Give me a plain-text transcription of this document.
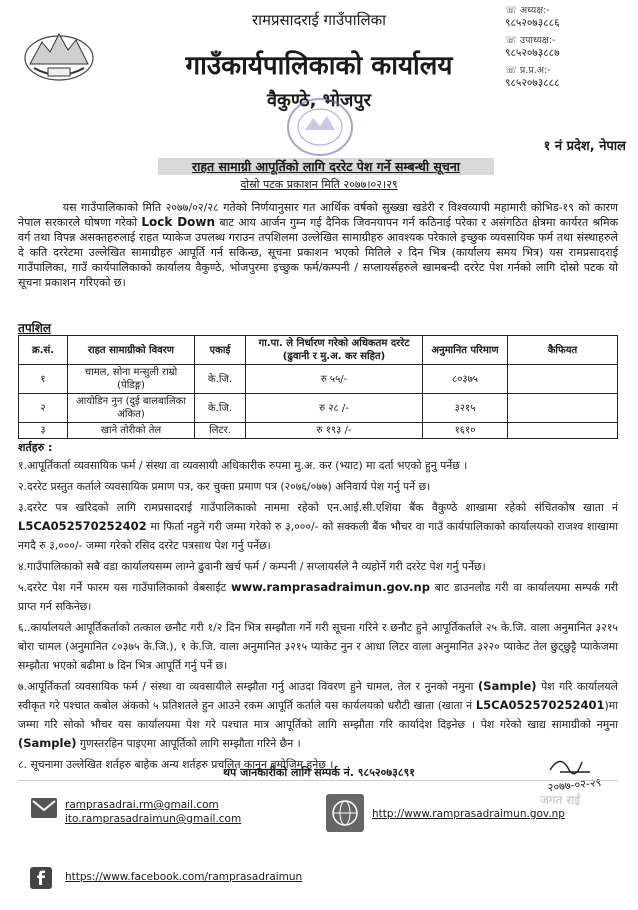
रामप्रसादराई गाउँपालिका
गाउँकार्यपालिकाको कार्यालय
वैकुण्ठे, भोजपुर
☏ अध्यक्ष:-
९८५२०७३८८६
☏ उपाध्यक्ष:-
९८५२०७३८८७
☏ प्र.प्र.अ:-
९८५२०७३८८८
१ नं प्रदेश, नेपाल
राहत सामाग्री आपूर्तिको लागि दररेट पेश गर्ने सम्बन्धी सूचना
दोस्रो पटक प्रकाशन मिति २०७७।०२।२९
यस गाउँपालिकाको मिति २०७७/०२/२८ गतेको निर्णयानुसार गत आर्थिक वर्षको सुख्खा खडेरी र विश्वव्यापी महामारी कोभिड-१९ को कारण नेपाल सरकारले घोषणा गरेको Lock Down बाट आय आर्जन गुम्न गई दैनिक जिवनयापन गर्न कठिनाई परेका र असंगठित क्षेत्रमा कार्यरत श्रमिक वर्ग तथा विपन्न असक्तहरुलाई राहत प्याकेज उपलब्ध गराउन तपशिलमा उल्लेखित सामाग्रीहरु आवश्यक परेकाले इच्छुक व्यवसायिक फर्म तथा संस्थाहरुले दे कति दररेटमा उल्लेखित सामाग्रीहरु आपूर्ति गर्न सकिन्छ, सूचना प्रकाशन भएको मितिले २ दिन भित्र (कार्यालय समय भित्र) यस रामप्रसादराई गाउँपालिका, गाउँ कार्यपालिकाको कार्यालय वैकुण्ठे, भोजपुरमा इच्छुक फर्म/कम्पनी / सप्लायर्सहरुले खामबन्दी दररेट पेश गर्नको लागि दोस्रो पटक यो सूचना प्रकाशन गरिएको छ।
तपशिल
क्र.सं.	राहत सामाग्रीको विवरण	एकाई	गा.पा. ले निर्धारण गरेको अधिकतम दररेट (ढुवानी र मु.अ. कर सहित)	अनुमानित परिमाण	कैफियत
१	चामल, सोना मन्सुली राम्रो (पेडिङ्ग)	के.जि.	रु ५५/-	८०३७५	
२	आयोडिन नुन (दुई बालबालिका अंकित)	के.जि.	रु २८ /-	३२१५	
३	खाने तोरीको तेल	लिटर.	रु १९३ /-	१६१०	
शर्तहरु :

१.आपूर्तिकर्ता व्यवसायिक फर्म / संस्था वा व्यवसायी अधिकारीक रुपमा मु.अ. कर (भ्याट) मा दर्ता भएको हुनु पर्नेछ ।

२.दररेट प्रस्तुत कर्ताले व्यवसायिक प्रमाण पत्र, कर चुक्ता प्रमाण पत्र (२०७६/०७७) अनिवार्य पेश गर्नु पर्ने छ।

३.दररेट पत्र खरिदको लागि रामप्रसादराई गाउँपालिकाको नाममा रहेको एन.आई.सी.एशिया बैंक वैकुण्ठे शाखामा रहेको संचितकोष खाता नं L5CA052570252402 मा फिर्ता नहुने गरी जम्मा गरेको रु ३,०००/- को सक्कली बैंक भौचर वा गाउँ कार्यपालिकाको कार्यालयको राजश्व शाखामा नगदै रु ३,०००/- जम्मा गरेको रसिद दररेट पत्रसाथ पेश गर्नु पर्नेछ।

४.गाउँपालिकाको सबै वडा कार्यालयसम्म लाग्ने ढुवानी खर्च फर्म / कम्पनी / सप्लायर्सले नै व्यहोर्ने गरी दररेट पेश गर्नु पर्नेछ।

५.दररेट पेश गर्ने फारम यस गाउँपालिकाको वेबसाईट www.ramprasadraimun.gov.np बाट डाउनलोड गरी वा कार्यालयमा सम्पर्क गरी प्राप्त गर्न सकिनेछ।

६..कार्यालयले आपूर्तिकर्ताको तत्काल छनौट गरी १/२ दिन भित्र सम्झौता गर्ने गरी सूचना गरिने र छनौट हुने आपूर्तिकर्ताले २५ के.जि. वाला अनुमानित ३२१५ बोरा चामल (अनुमानित ८०३७५ के.जि.), १ के.जि. वाला अनुमानित ३२१५ प्याकेट नुन र आधा लिटर वाला अनुमानित ३२२० प्याकेट तेल छुट्छुट्टै प्याकेजमा सम्झौता भएको बढीमा ७ दिन भित्र आपूर्ति गर्नु पर्ने छ।

७.आपूर्तिकर्ता व्यवसायिक फर्म / संस्था वा व्यवसायीले सम्झौता गर्नु आउदा विवरण हुने चामल, तेल र नुनको नमुना (Sample) पेश गरि कार्यालयले स्वीकृत गरे पश्चात कबोल अंकको ५ प्रतिशतले हुन आउने रकम आपूर्ति कर्ताले यस कार्यलयको धरौटी खाता (खाता नं L5CA052570252401)मा जम्मा गरि सोको भौचर यस कार्यालयमा पेश गरे पश्चात मात्र आपूर्तिको लागि सम्झौता गरि कार्यादेश दिइनेछ । पेश गरेको खाद्य सामाग्रीको नमुना (Sample) गुणस्तरहिन पाइएमा आपूर्तिको लागि सम्झौता गरिने छैन ।

८. सूचनामा उल्लेखित शर्तहरु बाहेक अन्य शर्तहरु प्रचलित कानून बमोजिम हुनेछ ।

थप जानकारीको लागि सम्पर्क नं. ९८५२०७३८९१
२०७७-०२-२९
जगत राई
ramprasadrai.rm@gmail.com
ito.ramprasadraimun@gmail.com	http://www.ramprasadraimun.gov.np
https://www.facebook.com/ramprasadraimun
